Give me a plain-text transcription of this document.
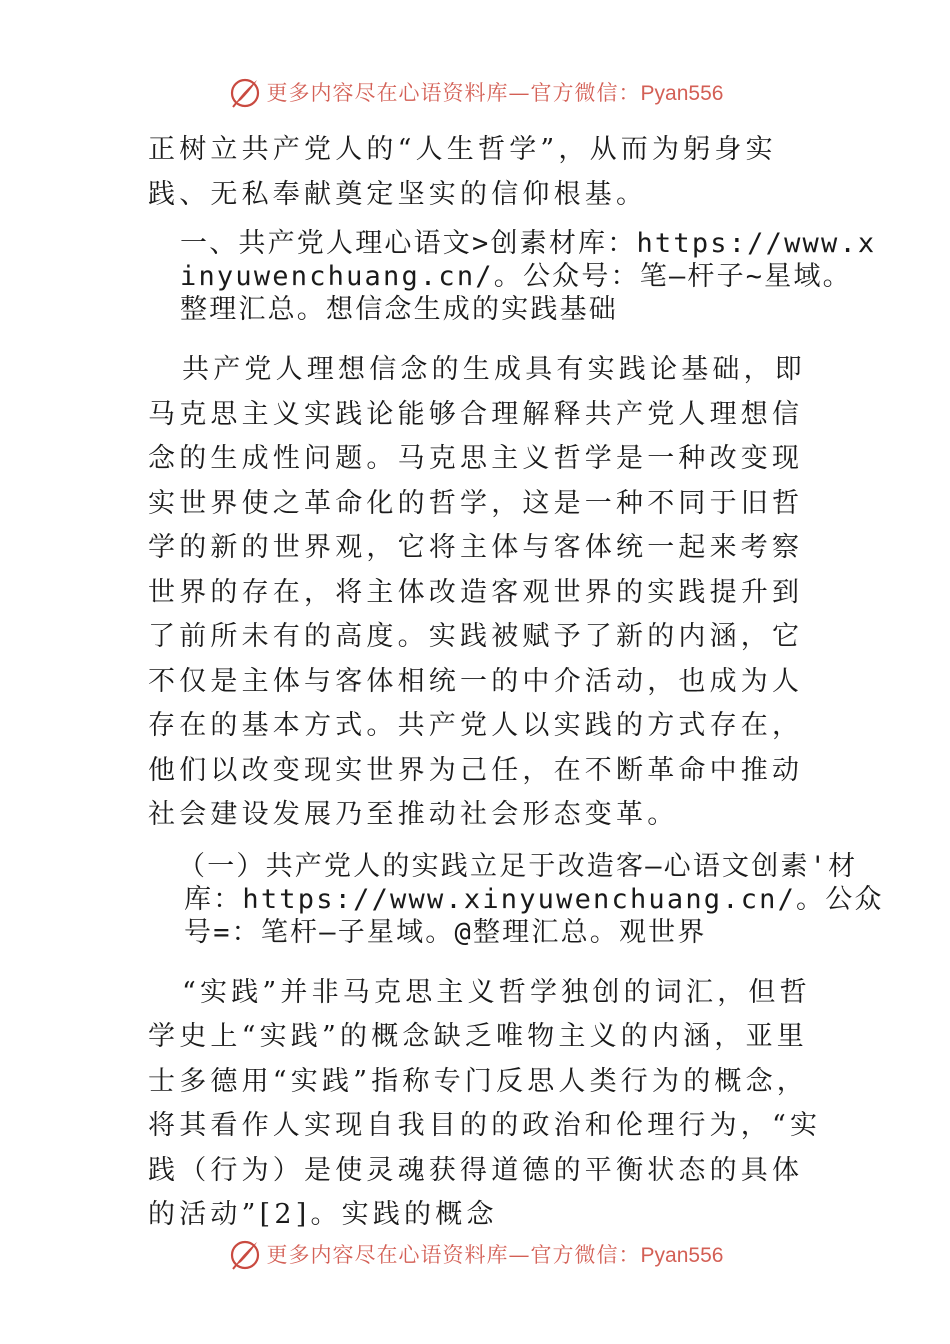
更多内容尽在心语资料库—官方微信：Pyan556

正树立共产党人的“人生哲学”，从而为躬身实践、无私奉献奠定坚实的信仰根基。

一、共产党人理心语文>创素材库：https://www.xinyuwenchuang.cn/。公众号：笔—杆子~星域。整理汇总。想信念生成的实践基础

共产党人理想信念的生成具有实践论基础，即马克思主义实践论能够合理解释共产党人理想信念的生成性问题。马克思主义哲学是一种改变现实世界使之革命化的哲学，这是一种不同于旧哲学的新的世界观，它将主体与客体统一起来考察世界的存在，将主体改造客观世界的实践提升到了前所未有的高度。实践被赋予了新的内涵，它不仅是主体与客体相统一的中介活动，也成为人存在的基本方式。共产党人以实践的方式存在，他们以改变现实世界为己任，在不断革命中推动社会建设发展乃至推动社会形态变革。

（一）共产党人的实践立足于改造客—心语文创素'材库：https://www.xinyuwenchuang.cn/。公众号=：笔杆—子星域。@整理汇总。观世界

“实践”并非马克思主义哲学独创的词汇，但哲学史上“实践”的概念缺乏唯物主义的内涵，亚里士多德用“实践”指称专门反思人类行为的概念，将其看作人实现自我目的的政治和伦理行为，“实践（行为）是使灵魂获得道德的平衡状态的具体的活动”[2]。实践的概念

更多内容尽在心语资料库—官方微信：Pyan556
